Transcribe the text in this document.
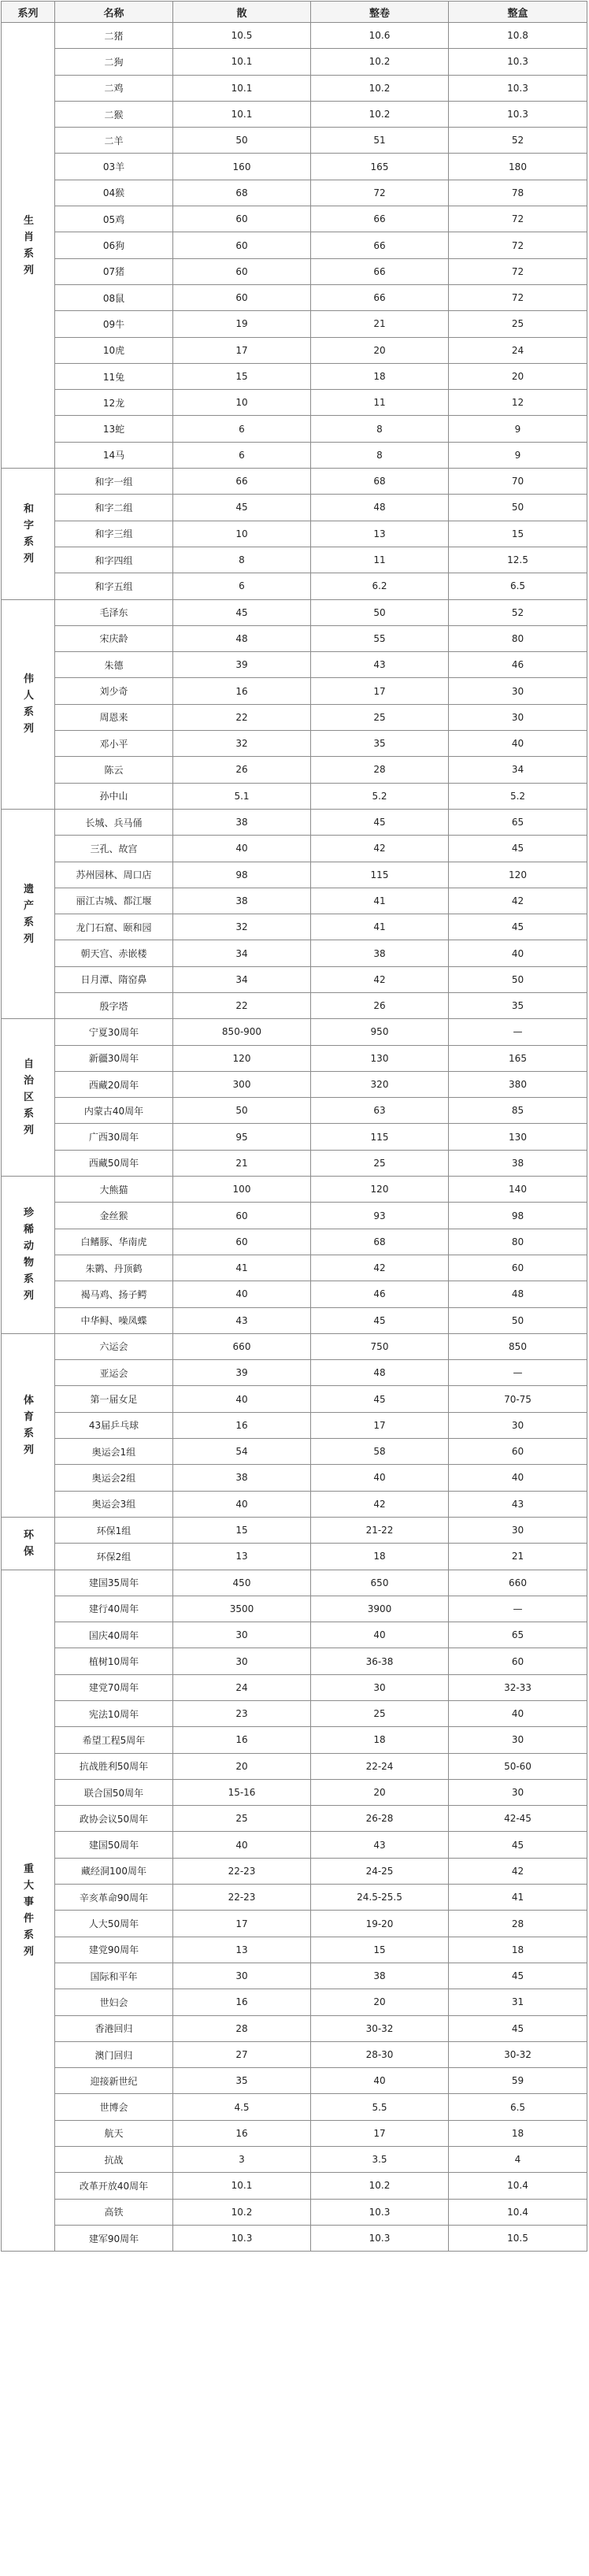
系列	名称	散	整卷	整盒

生肖系列	二猪	10.5	10.6	10.8
	二狗	10.1	10.2	10.3
	二鸡	10.1	10.2	10.3
	二猴	10.1	10.2	10.3
	二羊	50	51	52
	03羊	160	165	180
	04猴	68	72	78
	05鸡	60	66	72
	06狗	60	66	72
	07猪	60	66	72
	08鼠	60	66	72
	09牛	19	21	25
	10虎	17	20	24
	11兔	15	18	20
	12龙	10	11	12
	13蛇	6	8	9
	14马	6	8	9

和字系列	和字一组	66	68	70
	和字二组	45	48	50
	和字三组	10	13	15
	和字四组	8	11	12.5
	和字五组	6	6.2	6.5

伟人系列	毛泽东	45	50	52
	宋庆龄	48	55	80
	朱德	39	43	46
	刘少奇	16	17	30
	周恩来	22	25	30
	邓小平	32	35	40
	陈云	26	28	34
	孙中山	5.1	5.2	5.2

遗产系列	长城、兵马俑	38	45	65
	三孔、故宫	40	42	45
	苏州园林、周口店	98	115	120
	丽江古城、都江堰	38	41	42
	龙门石窟、颐和园	32	41	45
	朝天宫、赤嵌楼	34	38	40
	日月潭、隋窑鼻	34	42	50
	殷字塔	22	26	35

自治区系列	宁夏30周年	850-900	950	—
	新疆30周年	120	130	165
	西藏20周年	300	320	380
	内蒙古40周年	50	63	85
	广西30周年	95	115	130
	西藏50周年	21	25	38

珍稀动物系列	大熊猫	100	120	140
	金丝猴	60	93	98
	白鳍豚、华南虎	60	68	80
	朱鹮、丹顶鹤	41	42	60
	褐马鸡、扬子鳄	40	46	48
	中华鲟、噪凤蝶	43	45	50

体育系列	六运会	660	750	850
	亚运会	39	48	—
	第一届女足	40	45	70-75
	43届乒乓球	16	17	30
	奥运会1组	54	58	60
	奥运会2组	38	40	40
	奥运会3组	40	42	43

环保	环保1组	15	21-22	30
	环保2组	13	18	21

重大事件系列	建国35周年	450	650	660
	建行40周年	3500	3900	—
	国庆40周年	30	40	65
	植树10周年	30	36-38	60
	建党70周年	24	30	32-33
	宪法10周年	23	25	40
	希望工程5周年	16	18	30
	抗战胜利50周年	20	22-24	50-60
	联合国50周年	15-16	20	30
	政协会议50周年	25	26-28	42-45
	建国50周年	40	43	45
	藏经洞100周年	22-23	24-25	42
	辛亥革命90周年	22-23	24.5-25.5	41
	人大50周年	17	19-20	28
	建党90周年	13	15	18
	国际和平年	30	38	45
	世妇会	16	20	31
	香港回归	28	30-32	45
	澳门回归	27	28-30	30-32
	迎接新世纪	35	40	59
	世博会	4.5	5.5	6.5
	航天	16	17	18
	抗战	3	3.5	4
	改革开放40周年	10.1	10.2	10.4
	高铁	10.2	10.3	10.4
	建军90周年	10.3	10.3	10.5
